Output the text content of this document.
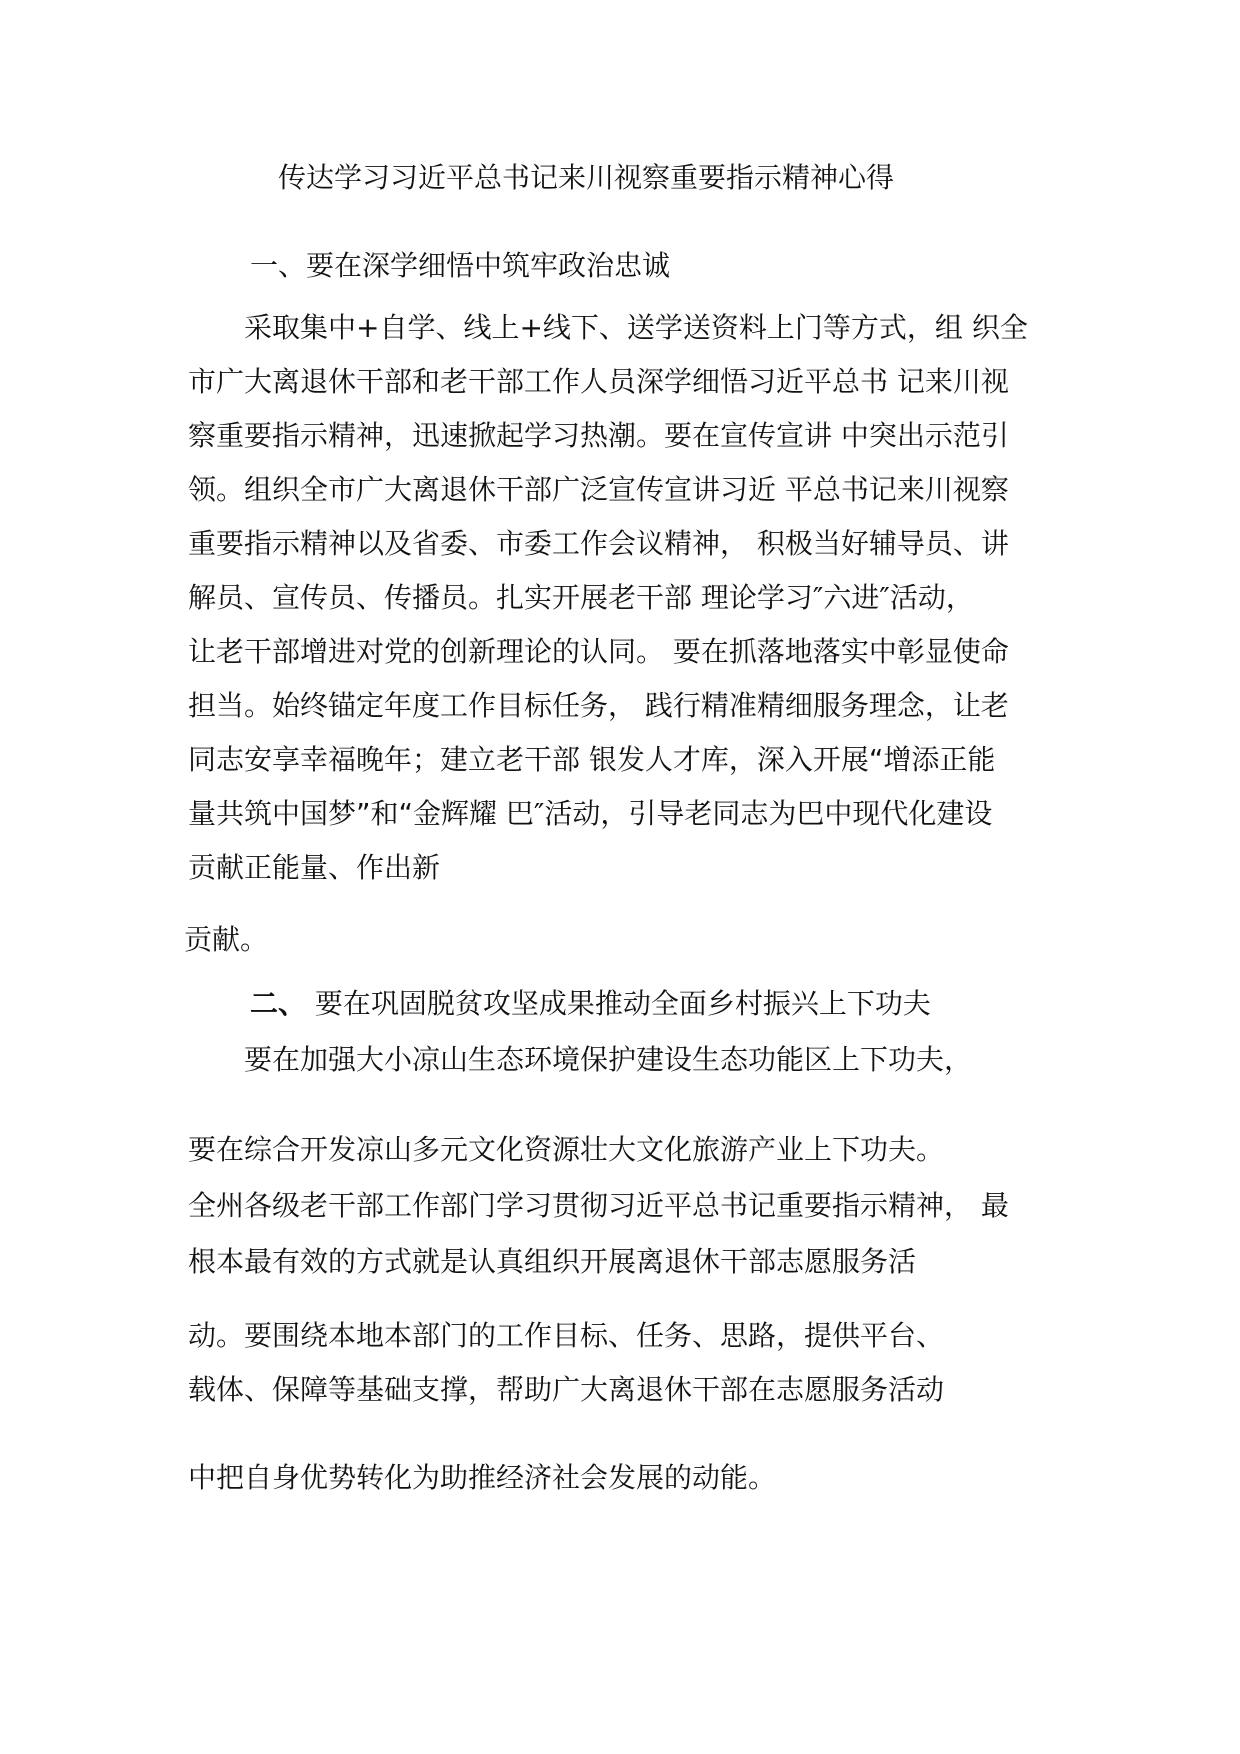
传达学习习近平总书记来川视察重要指示精神心得
一、要在深学细悟中筑牢政治忠诚
　　采取集中+自学、线上+线下、送学送资料上门等方式，组 织全
市广大离退休干部和老干部工作人员深学细悟习近平总书 记来川视
察重要指示精神，迅速掀起学习热潮。要在宣传宣讲 中突出示范引
领。组织全市广大离退休干部广泛宣传宣讲习近 平总书记来川视察
重要指示精神以及省委、市委工作会议精神， 积极当好辅导员、讲
解员、宣传员、传播员。扎实开展老干部 理论学习″六进″活动，
让老干部增进对党的创新理论的认同。 要在抓落地落实中彰显使命
担当。始终锚定年度工作目标任务， 践行精准精细服务理念，让老
同志安享幸福晚年；建立老干部 银发人才库，深入开展“增添正能
量共筑中国梦”和“金辉耀 巴″活动，引导老同志为巴中现代化建设
贡献正能量、作出新
贡献。
二、 要在巩固脱贫攻坚成果推动全面乡村振兴上下功夫
　　要在加强大小凉山生态环境保护建设生态功能区上下功夫，
要在综合开发凉山多元文化资源壮大文化旅游产业上下功夫。
全州各级老干部工作部门学习贯彻习近平总书记重要指示精神， 最
根本最有效的方式就是认真组织开展离退休干部志愿服务活
动。要围绕本地本部门的工作目标、任务、思路，提供平台、
载体、保障等基础支撑，帮助广大离退休干部在志愿服务活动
中把自身优势转化为助推经济社会发展的动能。
